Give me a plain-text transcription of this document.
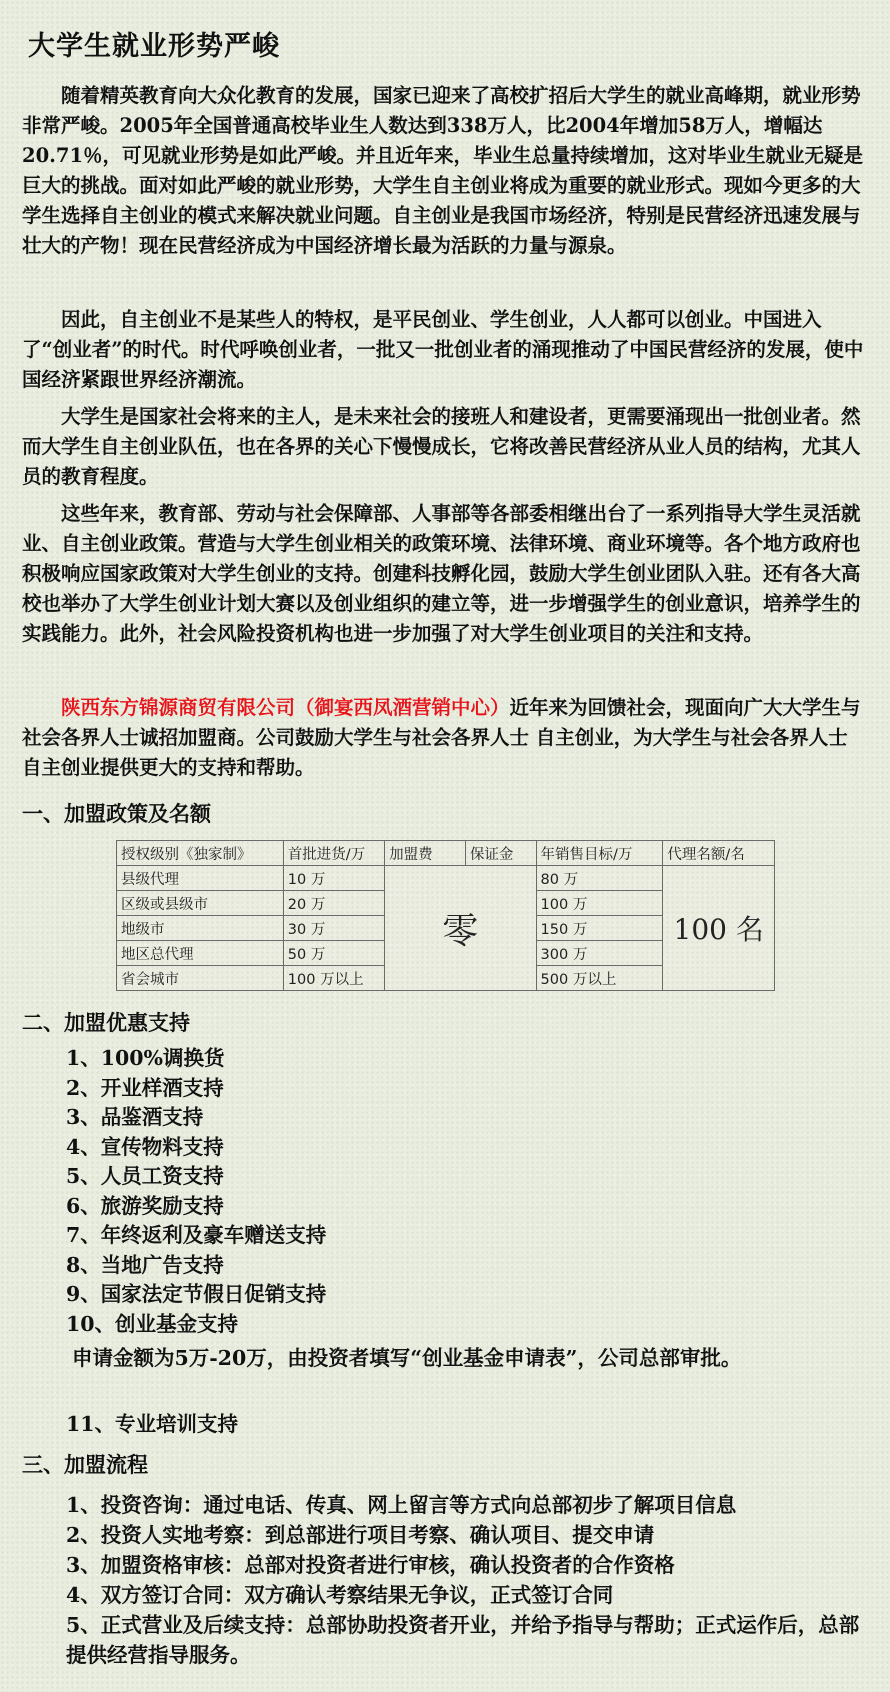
大学生就业形势严峻

随着精英教育向大众化教育的发展，国家已迎来了高校扩招后大学生的就业高峰期，就业形势非常严峻。2005年全国普通高校毕业生人数达到338万人，比2004年增加58万人，增幅达20.71％，可见就业形势是如此严峻。并且近年来，毕业生总量持续增加，这对毕业生就业无疑是巨大的挑战。面对如此严峻的就业形势，大学生自主创业将成为重要的就业形式。现如今更多的大学生选择自主创业的模式来解决就业问题。自主创业是我国市场经济，特别是民营经济迅速发展与壮大的产物！现在民营经济成为中国经济增长最为活跃的力量与源泉。

因此，自主创业不是某些人的特权，是平民创业、学生创业，人人都可以创业。中国进入了“创业者”的时代。时代呼唤创业者，一批又一批创业者的涌现推动了中国民营经济的发展，使中国经济紧跟世界经济潮流。

大学生是国家社会将来的主人，是未来社会的接班人和建设者，更需要涌现出一批创业者。然而大学生自主创业队伍，也在各界的关心下慢慢成长，它将改善民营经济从业人员的结构，尤其人员的教育程度。

这些年来，教育部、劳动与社会保障部、人事部等各部委相继出台了一系列指导大学生灵活就业、自主创业政策。营造与大学生创业相关的政策环境、法律环境、商业环境等。各个地方政府也积极响应国家政策对大学生创业的支持。创建科技孵化园，鼓励大学生创业团队入驻。还有各大高校也举办了大学生创业计划大赛以及创业组织的建立等，进一步增强学生的创业意识，培养学生的实践能力。此外，社会风险投资机构也进一步加强了对大学生创业项目的关注和支持。

陕西东方锦源商贸有限公司（御宴西凤酒营销中心）近年来为回馈社会，现面向广大大学生与社会各界人士诚招加盟商。公司鼓励大学生与社会各界人士 自主创业，为大学生与社会各界人士自主创业提供更大的支持和帮助。

一、加盟政策及名额
授权级别《独家制》	首批进货/万	加盟费	保证金	年销售目标/万	代理名额/名
县级代理	10 万	零		80 万	100 名
区级或县级市	20 万			100 万	
地级市	30 万			150 万	
地区总代理	50 万			300 万	
省会城市	100 万以上			500 万以上	
二、加盟优惠支持
1、100%调换货
2、开业样酒支持
3、品鉴酒支持
4、宣传物料支持
5、人员工资支持
6、旅游奖励支持
7、年终返利及豪车赠送支持
8、当地广告支持
9、国家法定节假日促销支持
10、创业基金支持

申请金额为5万-20万，由投资者填写“创业基金申请表”，公司总部审批。

11、专业培训支持
三、加盟流程
1、投资咨询：通过电话、传真、网上留言等方式向总部初步了解项目信息
2、投资人实地考察：到总部进行项目考察、确认项目、提交申请
3、加盟资格审核：总部对投资者进行审核，确认投资者的合作资格
4、双方签订合同：双方确认考察结果无争议，正式签订合同
5、正式营业及后续支持：总部协助投资者开业，并给予指导与帮助；正式运作后，总部提供经营指导服务。
